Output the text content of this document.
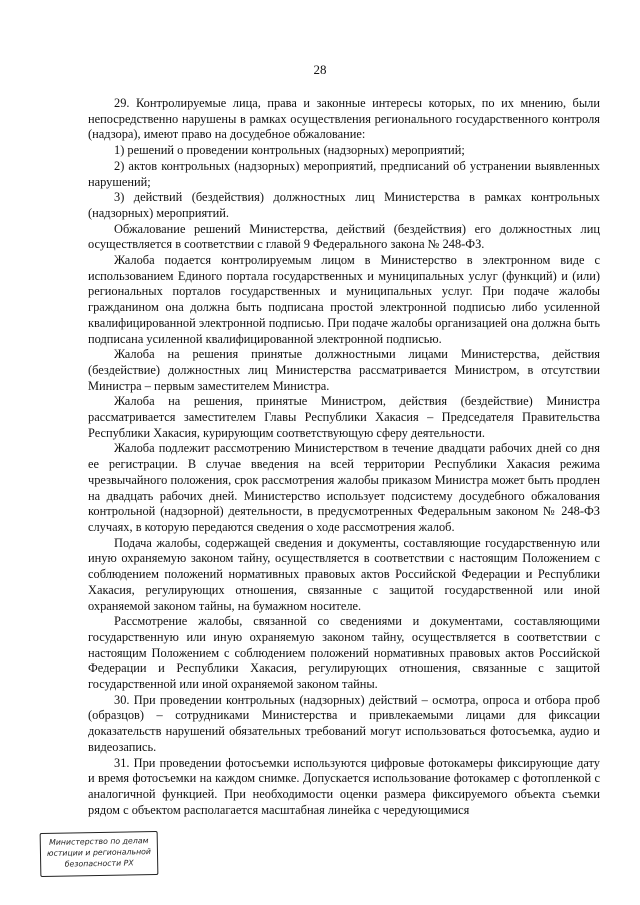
28

29. Контролируемые лица, права и законные интересы которых, по их мнению, были непосредственно нарушены в рамках осуществления регионального государственного контроля (надзора), имеют право на досудебное обжалование:

1) решений о проведении контрольных (надзорных) мероприятий;

2) актов контрольных (надзорных) мероприятий, предписаний об устранении выявленных нарушений;

3) действий (бездействия) должностных лиц Министерства в рамках контрольных (надзорных) мероприятий.

Обжалование решений Министерства, действий (бездействия) его должностных лиц осуществляется в соответствии с главой 9 Федерального закона № 248-ФЗ.

Жалоба подается контролируемым лицом в Министерство в электронном виде с использованием Единого портала государственных и муниципальных услуг (функций) и (или) региональных порталов государственных и муниципальных услуг. При подаче жалобы гражданином она должна быть подписана простой электронной подписью либо усиленной квалифицированной электронной подписью. При подаче жалобы организацией она должна быть подписана усиленной квалифицированной электронной подписью.

Жалоба на решения принятые должностными лицами Министерства, действия (бездействие) должностных лиц Министерства рассматривается Министром, в отсутствии Министра – первым заместителем Министра.

Жалоба на решения, принятые Министром, действия (бездействие) Министра рассматривается заместителем Главы Республики Хакасия – Председателя Правительства Республики Хакасия, курирующим соответствующую сферу деятельности.

Жалоба подлежит рассмотрению Министерством в течение двадцати рабочих дней со дня ее регистрации. В случае введения на всей территории Республики Хакасия режима чрезвычайного положения, срок рассмотрения жалобы приказом Министра может быть продлен на двадцать рабочих дней. Министерство использует подсистему досудебного обжалования контрольной (надзорной) деятельности, в предусмотренных Федеральным законом № 248-ФЗ случаях, в которую передаются сведения о ходе рассмотрения жалоб.

Подача жалобы, содержащей сведения и документы, составляющие государственную или иную охраняемую законом тайну, осуществляется в соответствии с настоящим Положением с соблюдением положений нормативных правовых актов Российской Федерации и Республики Хакасия, регулирующих отношения, связанные с защитой государственной или иной охраняемой законом тайны, на бумажном носителе.

Рассмотрение жалобы, связанной со сведениями и документами, составляющими государственную или иную охраняемую законом тайну, осуществляется в соответствии с настоящим Положением с соблюдением положений нормативных правовых актов Российской Федерации и Республики Хакасия, регулирующих отношения, связанные с защитой государственной или иной охраняемой законом тайны.

30. При проведении контрольных (надзорных) действий – осмотра, опроса и отбора проб (образцов) – сотрудниками Министерства и привлекаемыми лицами для фиксации доказательств нарушений обязательных требований могут использоваться фотосъемка, аудио и видеозапись.

31. При проведении фотосъемки используются цифровые фотокамеры фиксирующие дату и время фотосъемки на каждом снимке. Допускается использование фотокамер с фотопленкой с аналогичной функцией. При необходимости оценки размера фиксируемого объекта съемки рядом с объектом располагается масштабная линейка с чередующимися

Министерство по делам
юстиции и региональной
безопасности РХ
